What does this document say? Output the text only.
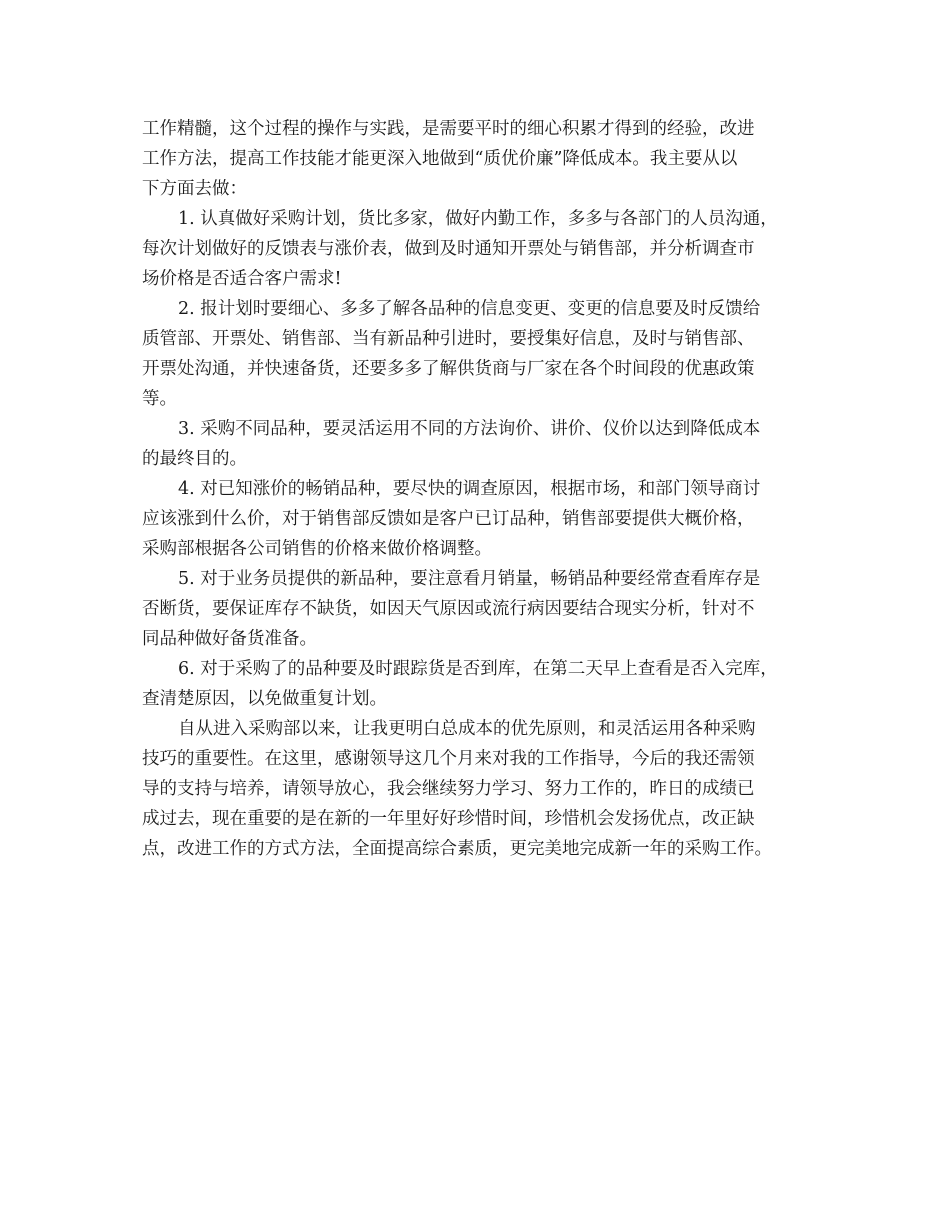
工作精髓，这个过程的操作与实践，是需要平时的细心积累才得到的经验，改进
工作方法，提高工作技能才能更深入地做到“质优价廉”降低成本。我主要从以
下方面去做：
1. 认真做好采购计划，货比多家，做好内勤工作，多多与各部门的人员沟通，
每次计划做好的反馈表与涨价表，做到及时通知开票处与销售部，并分析调查市
场价格是否适合客户需求!
2. 报计划时要细心、多多了解各品种的信息变更、变更的信息要及时反馈给
质管部、开票处、销售部、当有新品种引进时，要授集好信息，及时与销售部、
开票处沟通，并快速备货，还要多多了解供货商与厂家在各个时间段的优惠政策
等。
3. 采购不同品种，要灵活运用不同的方法询价、讲价、仪价以达到降低成本
的最终目的。
4. 对已知涨价的畅销品种，要尽快的调查原因，根据市场，和部门领导商讨
应该涨到什么价，对于销售部反馈如是客户已订品种，销售部要提供大概价格，
采购部根据各公司销售的价格来做价格调整。
5. 对于业务员提供的新品种，要注意看月销量，畅销品种要经常查看库存是
否断货，要保证库存不缺货，如因天气原因或流行病因要结合现实分析，针对不
同品种做好备货准备。
6. 对于采购了的品种要及时跟踪货是否到库，在第二天早上查看是否入完库，
查清楚原因，以免做重复计划。
自从进入采购部以来，让我更明白总成本的优先原则，和灵活运用各种采购
技巧的重要性。在这里，感谢领导这几个月来对我的工作指导，今后的我还需领
导的支持与培养，请领导放心，我会继续努力学习、努力工作的，昨日的成绩已
成过去，现在重要的是在新的一年里好好珍惜时间，珍惜机会发扬优点，改正缺
点，改进工作的方式方法，全面提高综合素质，更完美地完成新一年的采购工作。
